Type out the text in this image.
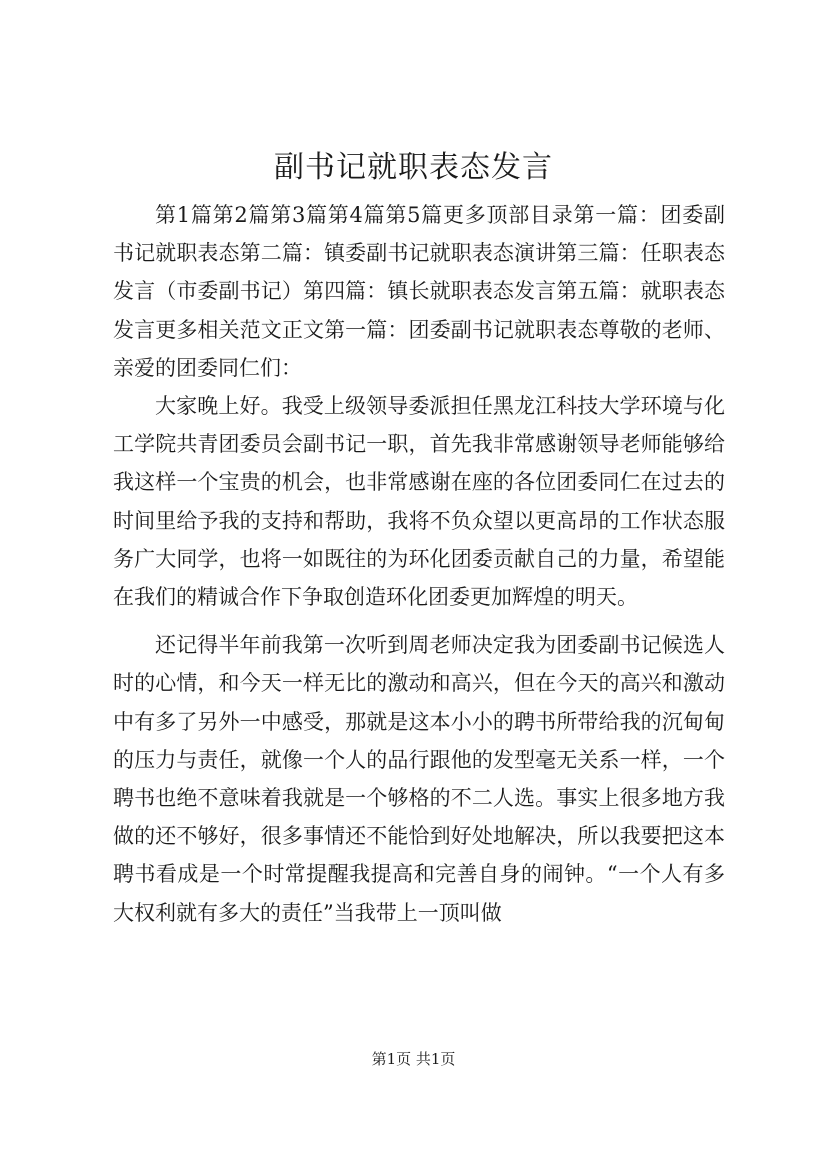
副书记就职表态发言

第1篇第2篇第3篇第4篇第5篇更多顶部目录第一篇：团委副书记就职表态第二篇：镇委副书记就职表态演讲第三篇：任职表态发言（市委副书记）第四篇：镇长就职表态发言第五篇：就职表态发言更多相关范文正文第一篇：团委副书记就职表态尊敬的老师、亲爱的团委同仁们：

大家晚上好。我受上级领导委派担任黑龙江科技大学环境与化工学院共青团委员会副书记一职，首先我非常感谢领导老师能够给我这样一个宝贵的机会，也非常感谢在座的各位团委同仁在过去的时间里给予我的支持和帮助，我将不负众望以更高昂的工作状态服务广大同学，也将一如既往的为环化团委贡献自己的力量，希望能在我们的精诚合作下争取创造环化团委更加辉煌的明天。

还记得半年前我第一次听到周老师决定我为团委副书记候选人时的心情，和今天一样无比的激动和高兴，但在今天的高兴和激动中有多了另外一中感受，那就是这本小小的聘书所带给我的沉甸甸的压力与责任，就像一个人的品行跟他的发型毫无关系一样，一个聘书也绝不意味着我就是一个够格的不二人选。事实上很多地方我做的还不够好，很多事情还不能恰到好处地解决，所以我要把这本聘书看成是一个时常提醒我提高和完善自身的闹钟。“一个人有多大权利就有多大的责任”当我带上一顶叫做

第1页 共1页
